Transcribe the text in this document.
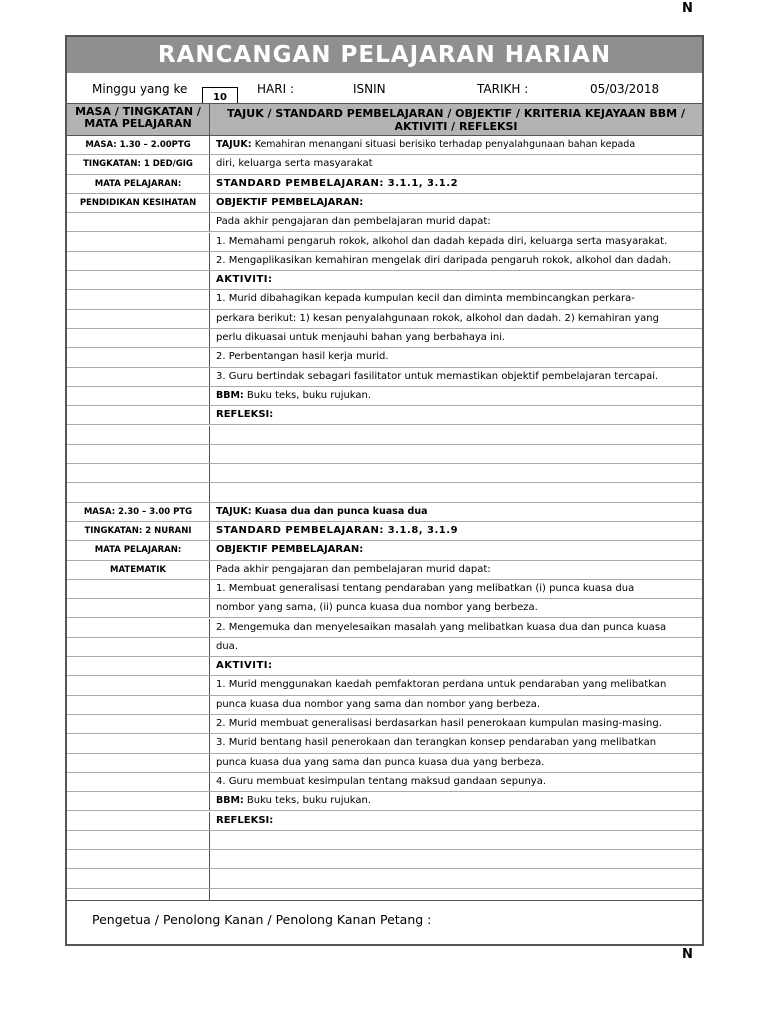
N
N
RANCANGAN PELAJARAN HARIAN
Minggu yang ke
10
HARI :	ISNIN	TARIKH :	05/03/2018
MASA / TINGKATAN / MATA PELAJARAN
TAJUK / STANDARD PEMBELAJARAN / OBJEKTIF / KRITERIA KEJAYAAN BBM / AKTIVITI / REFLEKSI
MASA: 1.30 – 2.00PTG	TAJUK: Kemahiran menangani situasi berisiko terhadap penyalahgunaan bahan kepada
TINGKATAN: 1 DED/GIG	diri, keluarga serta masyarakat
MATA PELAJARAN:	STANDARD PEMBELAJARAN: 3.1.1, 3.1.2
PENDIDIKAN KESIHATAN	OBJEKTIF PEMBELAJARAN:
Pada akhir pengajaran dan pembelajaran murid dapat:
1. Memahami pengaruh rokok, alkohol dan dadah kepada diri, keluarga serta masyarakat.
2. Mengaplikasikan kemahiran mengelak diri daripada pengaruh rokok, alkohol dan dadah.
AKTIVITI:
1. Murid dibahagikan kepada kumpulan kecil dan diminta membincangkan perkara-
perkara berikut: 1) kesan penyalahgunaan rokok, alkohol dan dadah. 2) kemahiran yang
perlu dikuasai untuk menjauhi bahan yang berbahaya ini.
2. Perbentangan hasil kerja murid.
3. Guru bertindak sebagari fasilitator untuk memastikan objektif pembelajaran tercapai.
BBM: Buku teks, buku rujukan.
REFLEKSI:
MASA: 2.30 – 3.00 PTG	TAJUK: Kuasa dua dan punca kuasa dua
TINGKATAN: 2 NURANI	STANDARD PEMBELAJARAN: 3.1.8, 3.1.9
MATA PELAJARAN:	OBJEKTIF PEMBELAJARAN:
MATEMATIK	Pada akhir pengajaran dan pembelajaran murid dapat:
1. Membuat generalisasi tentang pendaraban yang melibatkan (i) punca kuasa dua
nombor yang sama, (ii) punca kuasa dua nombor yang berbeza.
2. Mengemuka dan menyelesaikan masalah yang melibatkan kuasa dua dan punca kuasa
dua.
AKTIVITI:
1. Murid menggunakan kaedah pemfaktoran perdana untuk pendaraban yang melibatkan
punca kuasa dua nombor yang sama dan nombor yang berbeza.
2. Murid membuat generalisasi berdasarkan hasil penerokaan kumpulan masing-masing.
3. Murid bentang hasil penerokaan dan terangkan konsep pendaraban yang melibatkan
punca kuasa dua yang sama dan punca kuasa dua yang berbeza.
4. Guru membuat kesimpulan tentang maksud gandaan sepunya.
BBM: Buku teks, buku rujukan.
REFLEKSI:
Pengetua / Penolong Kanan / Penolong Kanan Petang :
